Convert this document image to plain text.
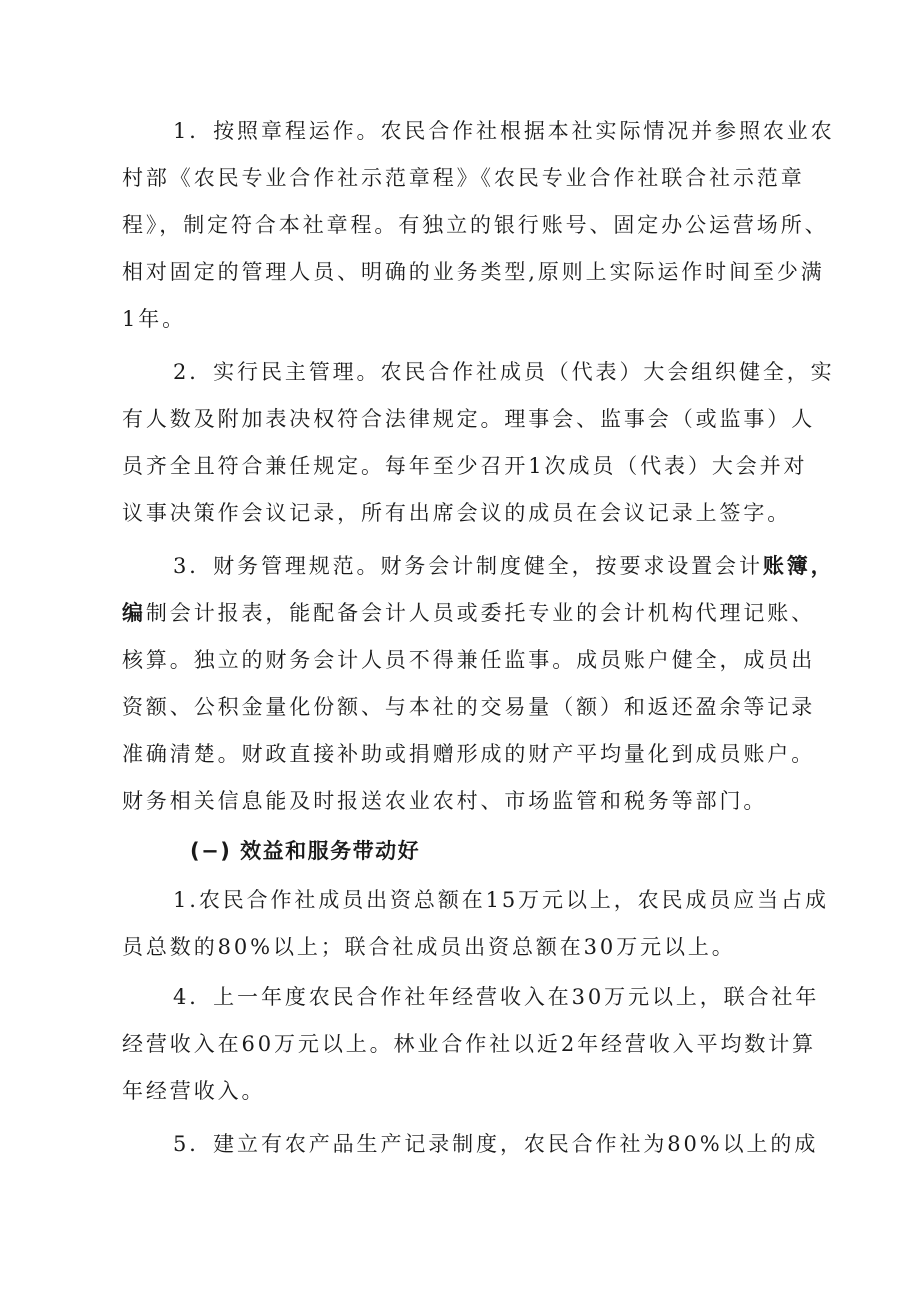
1．按照章程运作。农民合作社根据本社实际情况并参照农业农
村部《农民专业合作社示范章程》《农民专业合作社联合社示范章
程》，制定符合本社章程。有独立的银行账号、固定办公运营场所、
相对固定的管理人员、明确的业务类型,原则上实际运作时间至少满
1年。
2．实行民主管理。农民合作社成员（代表）大会组织健全，实
有人数及附加表决权符合法律规定。理事会、监事会（或监事）人
员齐全且符合兼任规定。每年至少召开1次成员（代表）大会并对
议事决策作会议记录，所有出席会议的成员在会议记录上签字。
3．财务管理规范。财务会计制度健全，按要求设置会计账簿，
编制会计报表，能配备会计人员或委托专业的会计机构代理记账、
核算。独立的财务会计人员不得兼任监事。成员账户健全，成员出
资额、公积金量化份额、与本社的交易量（额）和返还盈余等记录
准确清楚。财政直接补助或捐赠形成的财产平均量化到成员账户。
财务相关信息能及时报送农业农村、市场监管和税务等部门。
(−) 效益和服务带动好
1.农民合作社成员出资总额在15万元以上，农民成员应当占成
员总数的80%以上；联合社成员出资总额在30万元以上。
4．上一年度农民合作社年经营收入在30万元以上，联合社年
经营收入在60万元以上。林业合作社以近2年经营收入平均数计算
年经营收入。
5．建立有农产品生产记录制度，农民合作社为80%以上的成
